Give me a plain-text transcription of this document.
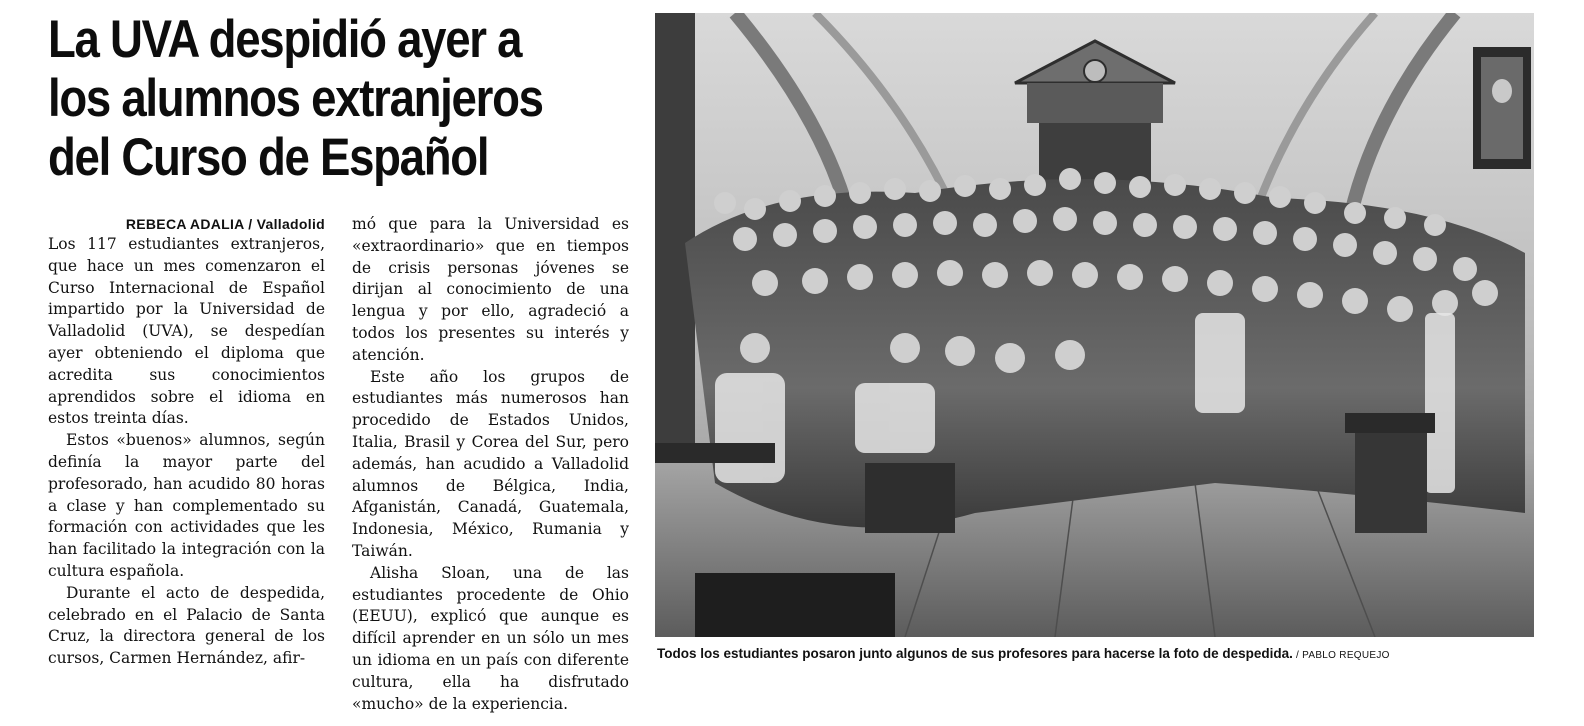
La UVA despidió ayer a
los alumnos extranjeros
del Curso de Español
REBECA ADALIA / Valladolid

Los 117 estudiantes extranjeros, que hace un mes comenzaron el Curso Internacional de Español impartido por la Universidad de Valladolid (UVA), se despedían ayer obteniendo el diploma que acredita sus conocimientos aprendidos sobre el idioma en estos treinta días.

Estos «buenos» alumnos, según definía la mayor parte del profesorado, han acudido 80 horas a clase y han complementado su formación con actividades que les han facilitado la integración con la cultura española.

Durante el acto de despedida, celebrado en el Palacio de Santa Cruz, la directora general de los cursos, Carmen Hernández, afir-

mó que para la Universidad es «extraordinario» que en tiempos de crisis personas jóvenes se dirijan al conocimiento de una lengua y por ello, agradeció a todos los presentes su interés y atención.

Este año los grupos de estudiantes más numerosos han procedido de Estados Unidos, Italia, Brasil y Corea del Sur, pero además, han acudido a Valladolid alumnos de Bélgica, India, Afganistán, Canadá, Guatemala, Indonesia, México, Rumania y Taiwán.

Alisha Sloan, una de las estudiantes procedente de Ohio (EEUU), explicó que aunque es difícil aprender en un sólo un mes un idioma en un país con diferente cultura, ella ha disfrutado «mucho» de la experiencia.

Todos los estudiantes posaron junto algunos de sus profesores para hacerse la foto de despedida. / PABLO REQUEJO
